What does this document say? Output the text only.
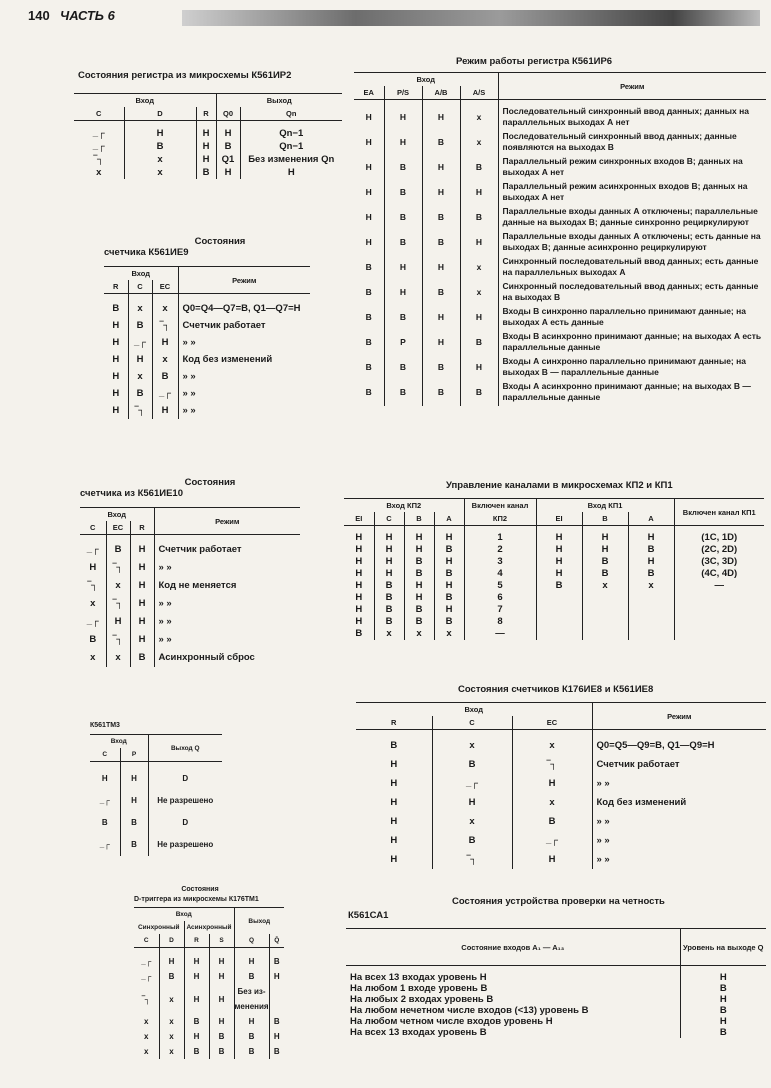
140 ЧАСТЬ 6
Состояния регистра из микросхемы К561ИР2
Вход			Выход	
C	D	R	Q0	Qn
_┌	Н	Н	Н	Qn−1
_┌	В	Н	В	Qn−1
‾┐	x	Н	Q1	Без изменения Qn
x	x	В	Н	Н
Состояния
счетчика К561ИЕ9
Вход			Режим
R	C	EC	
В	x	x	Q0=Q4—Q7=В, Q1—Q7=Н
Н	В	‾┐	Счетчик работает
Н	_┌	Н	» »
Н	Н	x	Код без изменений
Н	x	В	» »
Н	В	_┌	» »
Н	‾┐	Н	» »
Состояния
счетчика из К561ИЕ10
Вход			Режим
C	EC	R	
_┌	В	Н	Счетчик работает
Н	‾┐	Н	» »
‾┐	x	Н	Код не меняется
x	‾┐	Н	» »
_┌	Н	Н	» »
В	‾┐	Н	» »
x	x	В	Асинхронный сброс
К561ТМ3
Вход		Выход Q
C	P	
Н	Н	D
_┌	Н	Не разрешено
В	В	D
_┌	В	Не разрешено
Состояния
D-триггера из микросхемы К176ТМ1
Вход				Выход	
Синхронный		Асинхронный			
C	D	R	S	Q	Q̄
_┌	Н	Н	Н	Н	В
_┌	В	Н	Н	В	Н
‾┐	x	Н	Н	Без из-менения	
x	x	В	Н	Н	В
x	x	Н	В	В	Н
x	x	В	В	В	В
Режим работы регистра К561ИР6
Вход				Режим
EA	P/S	A/B	A/S	
Н	Н	Н	x	Последовательный синхронный ввод данных; данных на параллельных выходах А нет
Н	Н	В	x	Последовательный синхронный ввод данных; данные появляются на выходах В
Н	В	Н	В	Параллельный режим синхронных входов В; данных на выходах А нет
Н	В	Н	Н	Параллельный режим асинхронных входов В; данных на выходах А нет
Н	В	В	В	Параллельные входы данных А отключены; параллельные данные на выходах В; данные синхронно рециркулируют
Н	В	В	Н	Параллельные входы данных А отключены; есть данные на выходах В; данные асинхронно рециркулируют
В	Н	Н	x	Синхронный последовательный ввод данных; есть данные на параллельных выходах А
В	Н	В	x	Синхронный последовательный ввод данных; есть данные на выходах В
В	В	Н	Н	Входы В синхронно параллельно принимают данные; на выходах А есть данные
В	Р	Н	В	Входы В асинхронно принимают данные; на выходах А есть параллельные данные
В	В	В	Н	Входы А синхронно параллельно принимают данные; на выходах В — параллельные данные
В	В	В	В	Входы А асинхронно принимают данные; на выходах В — параллельные данные
Управление каналами в микросхемах КП2 и КП1
Вход КП2				Включен канал КП2	Вход КП1			Включен канал КП1
EI	C	B	A		EI	B	A	
Н	Н	Н	Н	1	Н	Н	Н	(1С, 1D)
Н	Н	Н	В	2	Н	Н	В	(2С, 2D)
Н	Н	В	Н	3	Н	В	Н	(3С, 3D)
Н	Н	В	В	4	Н	В	В	(4С, 4D)
Н	В	Н	Н	5	В	x	x	—
Н	В	Н	В	6				
Н	В	В	Н	7				
Н	В	В	В	8				
В	x	x	x	—				
Состояния счетчиков К176ИЕ8 и К561ИЕ8
Вход			Режим
R	C	EC	
В	x	x	Q0=Q5—Q9=В, Q1—Q9=Н
Н	В	‾┐	Счетчик работает
Н	_┌	Н	» »
Н	Н	x	Код без изменений
Н	x	В	» »
Н	В	_┌	» »
Н	‾┐	Н	» »
Состояния устройства проверки на четность
К561СА1
Состояние входов A₁ — A₁₃	Уровень на выходе Q
На всех 13 входах уровень Н	Н
На любом 1 входе уровень В	В
На любых 2 входах уровень В	Н
На любом нечетном числе входов (<13) уровень В	В
На любом четном числе входов уровень Н	Н
На всех 13 входах уровень В	В
